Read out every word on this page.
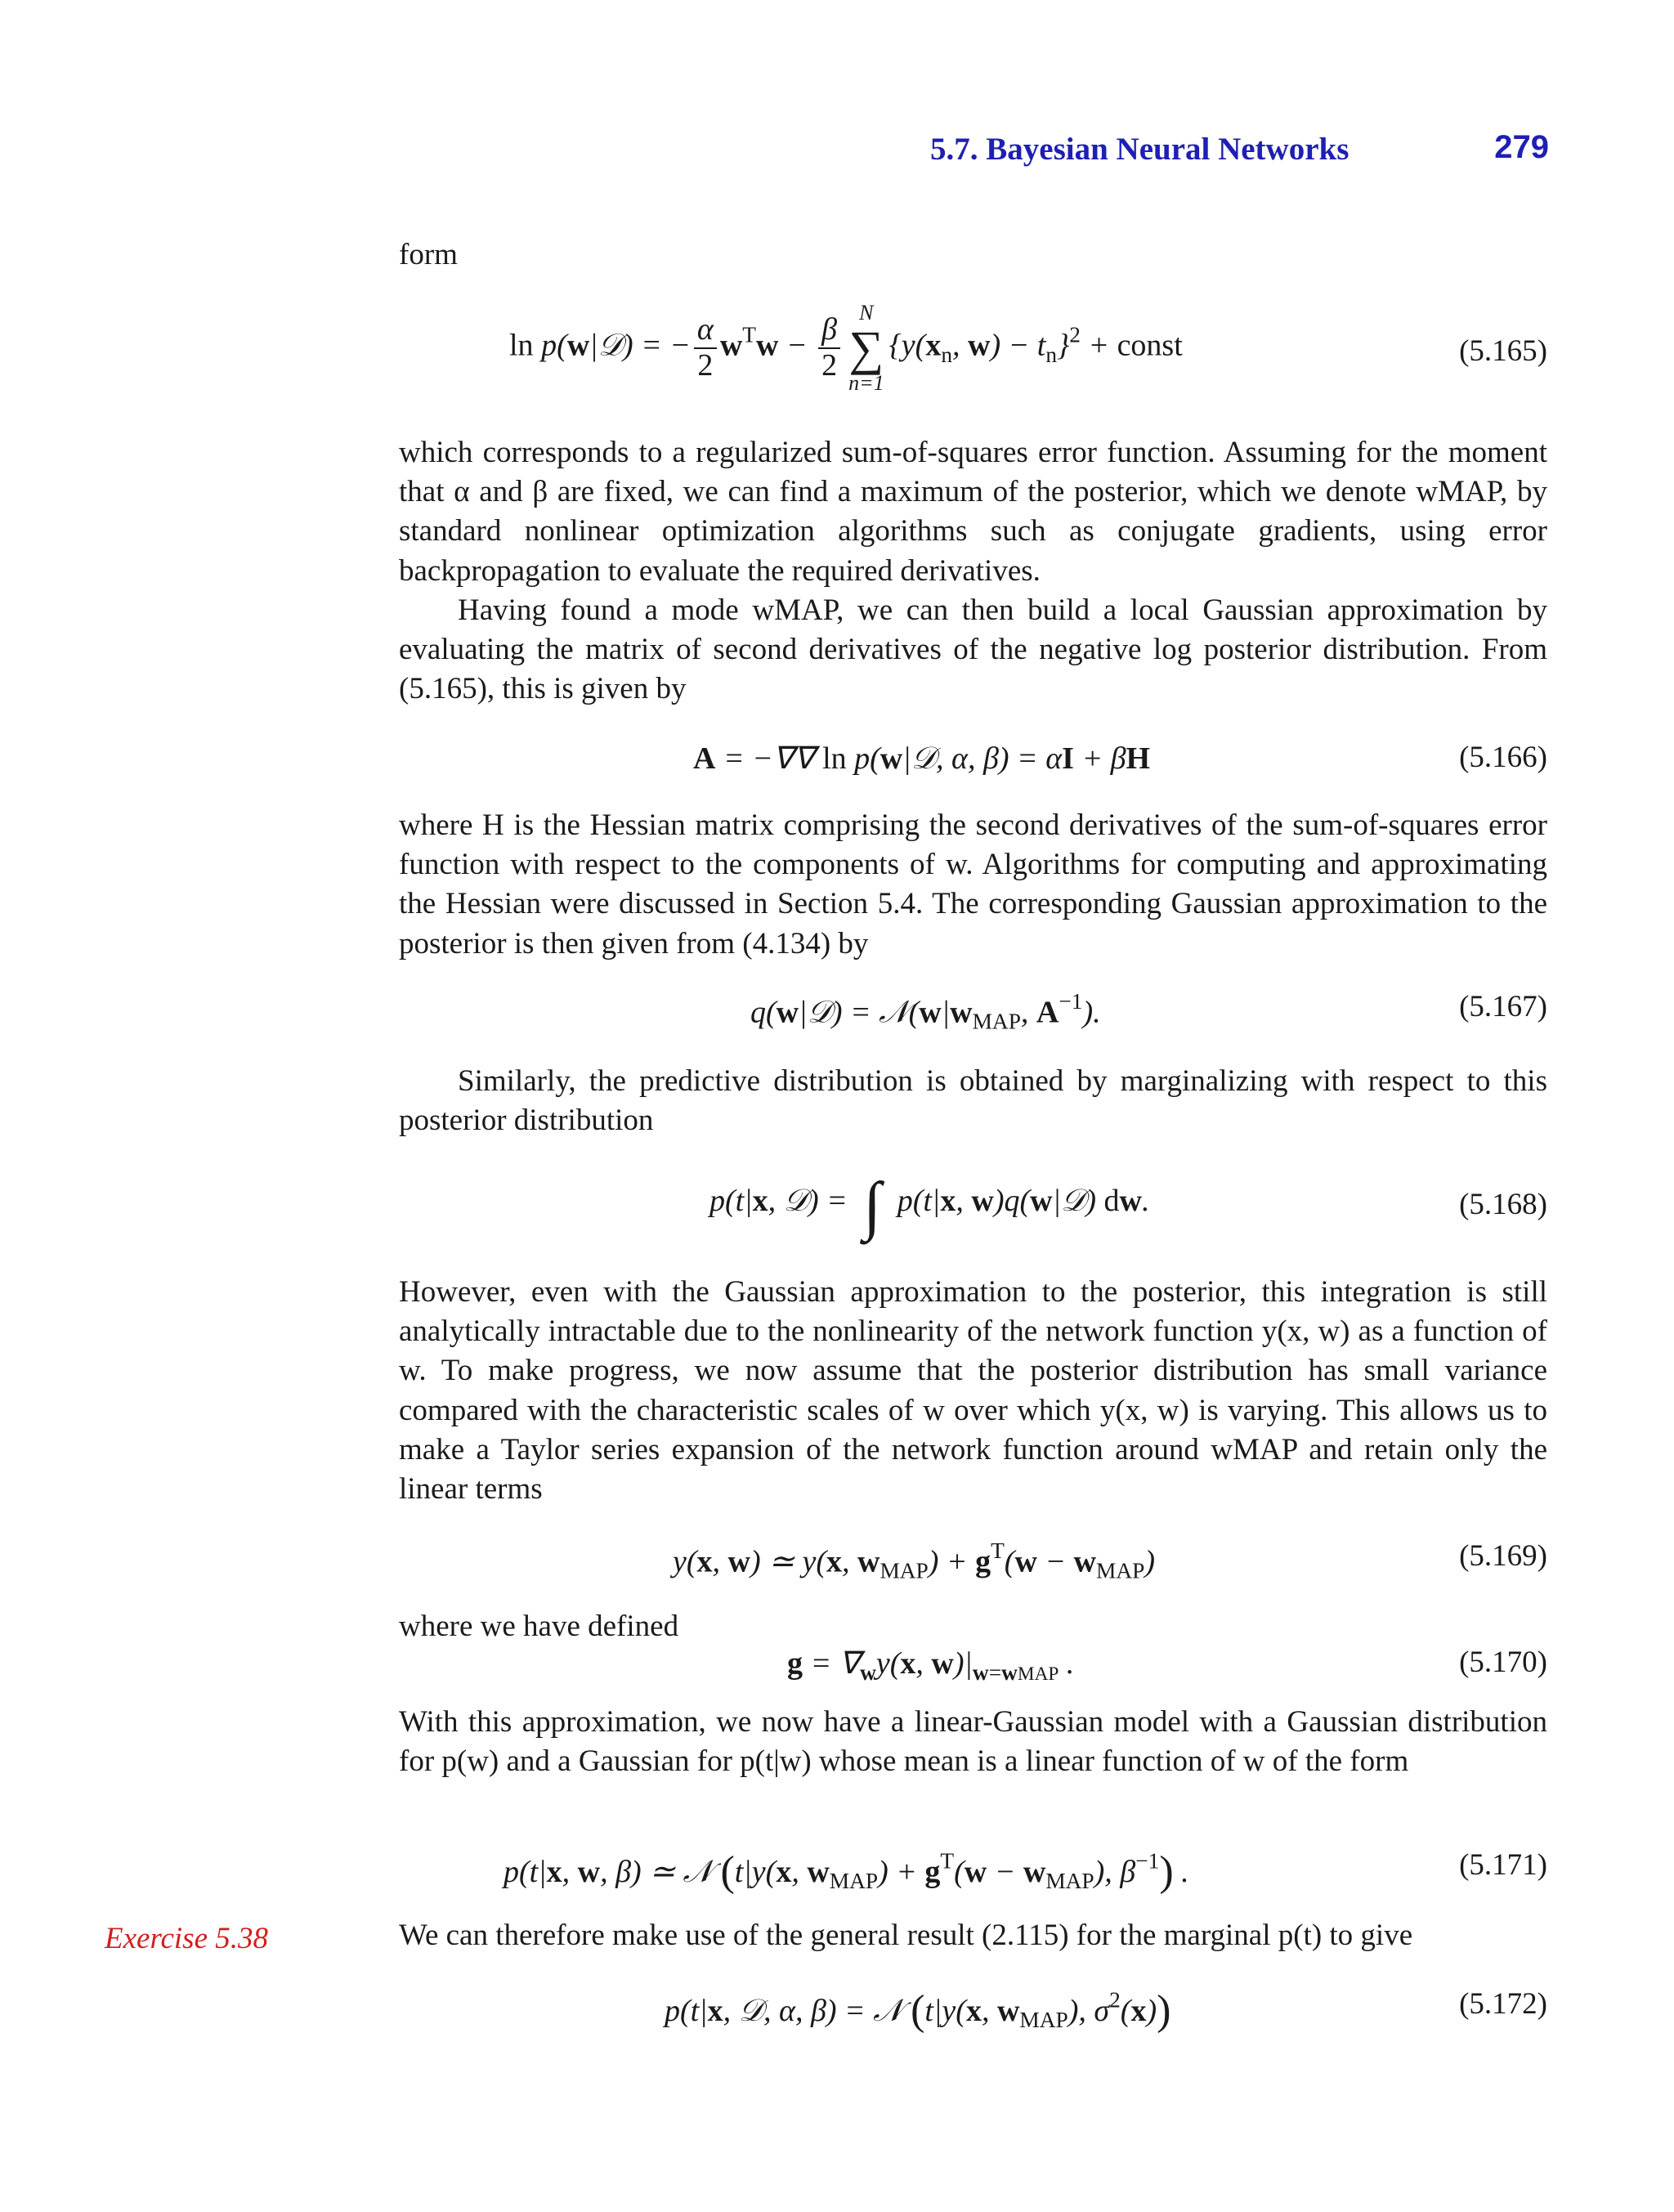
5.7. Bayesian Neural Networks	279
form
ln p(w|𝒟) = − $\frac{\alpha}{2} w^Tw - \frac{\beta}{2}$
N
∑
n=1
{$y(x_n$, $w) - t_n\}^2$ + const	(5.165)
which corresponds to a regularized sum-of-squares error function. Assuming for the moment that α and β are fixed, we can find a maximum of the posterior, which we denote wMAP, by standard nonlinear optimization algorithms such as conjugate gradients, using error backpropagation to evaluate the required derivatives.
Having found a mode wMAP, we can then build a local Gaussian approximation by evaluating the matrix of second derivatives of the negative log posterior distribution. From (5.165), this is given by
A = −∇∇ ln p(w|𝒟, α, β) = αI + βH	(5.166)
where H is the Hessian matrix comprising the second derivatives of the sum-of-squares error function with respect to the components of w. Algorithms for computing and approximating the Hessian were discussed in Section 5.4. The corresponding Gaussian approximation to the posterior is then given from (4.134) by
q(w|𝒟) = $𝒩(w|w_{MAP}$, $A^{-1}$).	(5.167)
Similarly, the predictive distribution is obtained by marginalizing with respect to this posterior distribution
p(t|x, 𝒟) = ∫ p(t|x, w)q(w|𝒟) dw.	(5.168)
However, even with the Gaussian approximation to the posterior, this integration is still analytically intractable due to the nonlinearity of the network function y(x, w) as a function of w. To make progress, we now assume that the posterior distribution has small variance compared with the characteristic scales of w over which y(x, w) is varying. This allows us to make a Taylor series expansion of the network function around wMAP and retain only the linear terms
y(x, w) ≃ y(x, $w_{MAP}) + g^T(w - w_{MAP})$	(5.169)
where we have defined
$g = \nabla_wy(x$, $w)|_{w=wMAP}$ .	(5.170)
With this approximation, we now have a linear-Gaussian model with a Gaussian distribution for p(w) and a Gaussian for p(t|w) whose mean is a linear function of w of the form
p(t|x, w, β) ≃ 𝒩 (t|y(x, $w_{MAP}) + g^T(w - w_{MAP})$, $\beta^{-1}$) .	(5.171)
Exercise 5.38	We can therefore make use of the general result (2.115) for the marginal p(t) to give
p(t|x, 𝒟, α, β) = 𝒩 (t|y(x, $w_{MAP}$), $\sigma^2(x)$)	(5.172)
